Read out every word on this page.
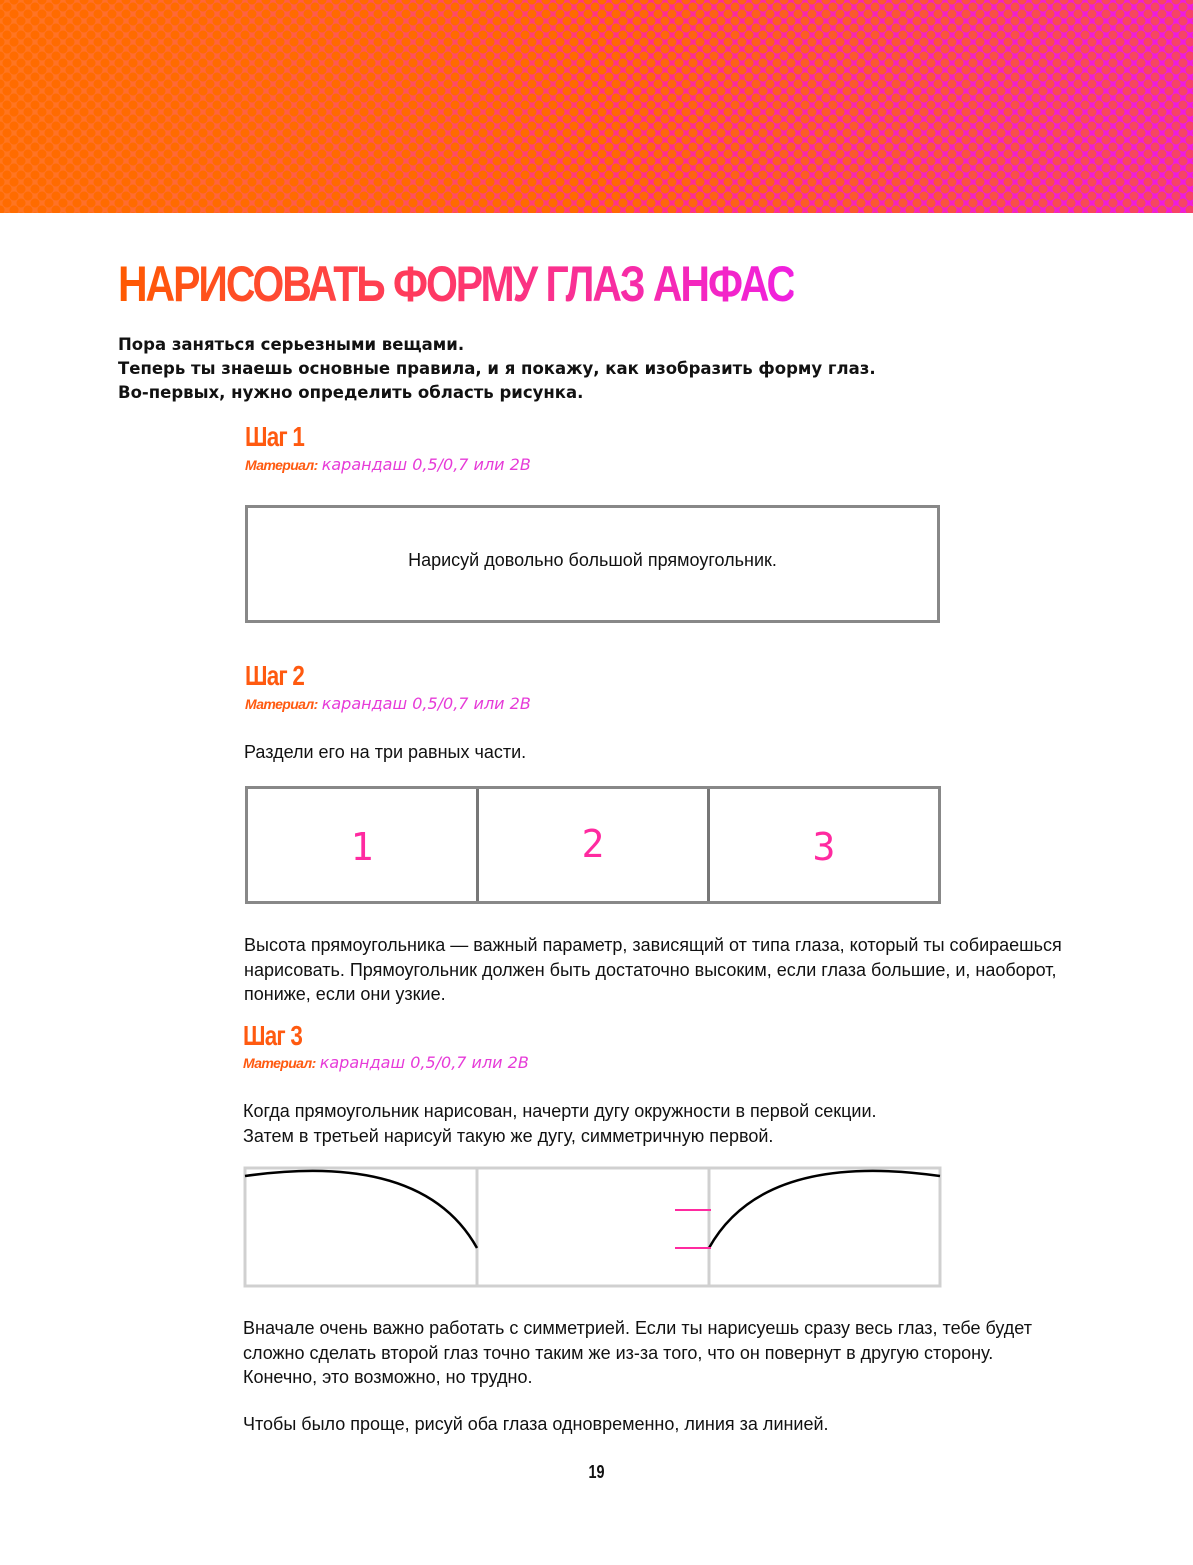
НАРИСОВАТЬ ФОРМУ ГЛАЗ АНФАС
Пора заняться серьезными вещами.
Теперь ты знаешь основные правила, и я покажу, как изобразить форму глаз.
Во-первых, нужно определить область рисунка.
Шаг 1
Материал: карандаш 0,5/0,7 или 2B
Нарисуй довольно большой прямоугольник.
Шаг 2
Материал: карандаш 0,5/0,7 или 2B
Раздели его на три равных части.
1	2	3
Высота прямоугольника — важный параметр, зависящий от типа глаза, который ты собираешься
нарисовать. Прямоугольник должен быть достаточно высоким, если глаза большие, и, наоборот,
пониже, если они узкие.
Шаг 3
Материал: карандаш 0,5/0,7 или 2B
Когда прямоугольник нарисован, начерти дугу окружности в первой секции.
Затем в третьей нарисуй такую же дугу, симметричную первой.
Вначале очень важно работать с симметрией. Если ты нарисуешь сразу весь глаз, тебе будет
сложно сделать второй глаз точно таким же из-за того, что он повернут в другую сторону.
Конечно, это возможно, но трудно.
Чтобы было проще, рисуй оба глаза одновременно, линия за линией.
19
